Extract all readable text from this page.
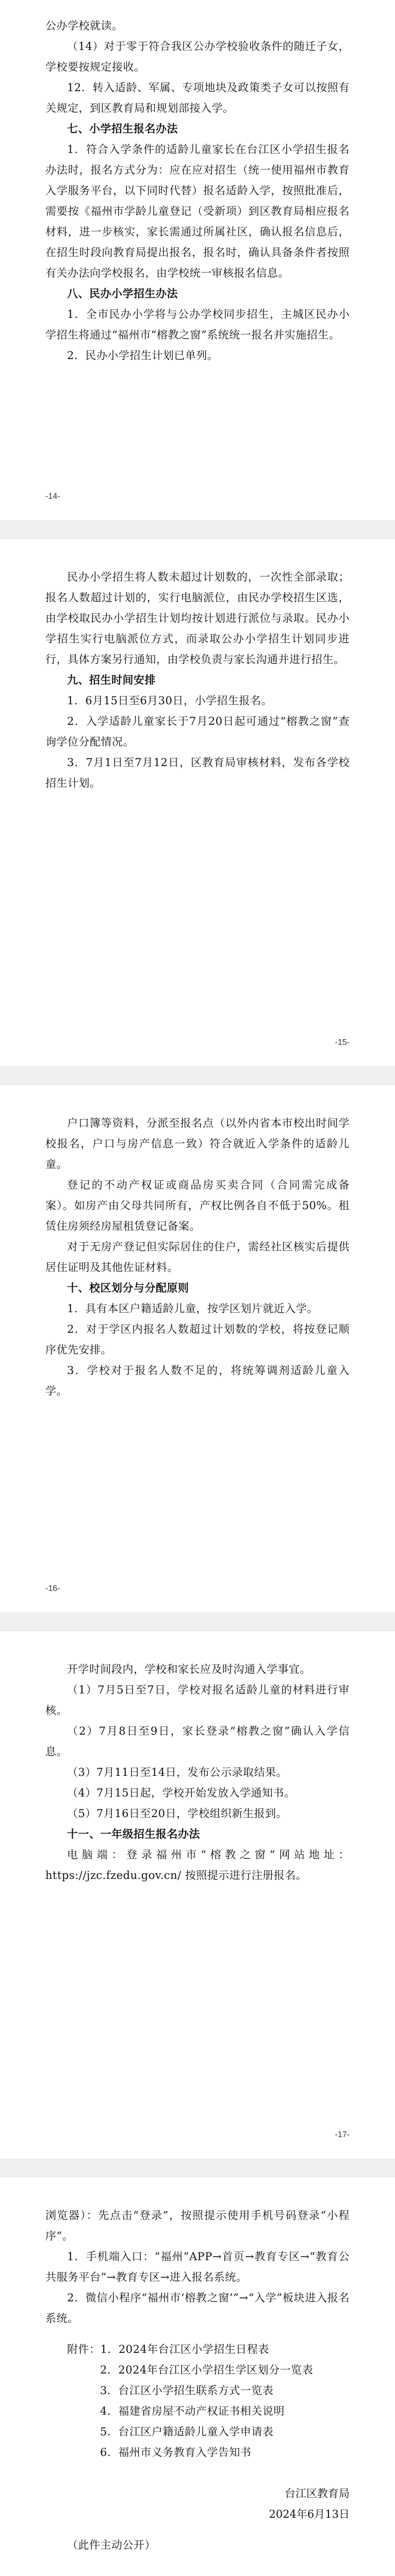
公办学校就读。

（14）对于零于符合我区公办学校验收条件的随迁子女，学校要按规定接收。

12．转入适龄、军属、专项地块及政策类子女可以按照有关规定，到区教育局和规划部接入学。

七、小学招生报名办法

1．符合入学条件的适龄儿童家长在台江区小学招生报名办法时，报名方式分为：应在应对招生（统一使用福州市教育入学服务平台，以下同时代替）报名适龄入学，按照批准后，需要按《福州市学龄儿童登记（受新项）到区教育局相应报名材料，进一步核实，家长需通过所属社区，确认报名信息后，在招生时段向教育局提出报名，报名时，确认具备条件者按照有关办法向学校报名，由学校统一审核报名信息。

八、民办小学招生办法

1．全市民办小学将与公办学校同步招生，主城区民办小学招生将通过“福州市“榕教之窗”系统统一报名并实施招生。

2．民办小学招生计划已单列。

-14-

民办小学招生将人数未超过计划数的，一次性全部录取；报名人数超过计划的，实行电脑派位，由民办学校招生区选，由学校取民办小学招生计划均按计划进行派位与录取。民办小学招生实行电脑派位方式，而录取公办小学招生计划同步进行，具体方案另行通知，由学校负责与家长沟通并进行招生。

九、招生时间安排

1．6月15日至6月30日，小学招生报名。

2．入学适龄儿童家长于7月20日起可通过“榕教之窗”查询学位分配情况。

3．7月1日至7月12日，区教育局审核材料，发布各学校招生计划。

-15-

户口簿等资料，分派至报名点（以外内省本市校出时间学校报名，户口与房产信息一致）符合就近入学条件的适龄儿童。

登记的不动产权证或商品房买卖合同（合同需完成备案）。如房产由父母共同所有，产权比例各自不低于50%。租赁住房须经房屋租赁登记备案。

对于无房产登记但实际居住的住户，需经社区核实后提供居住证明及其他佐证材料。

十、校区划分与分配原则

1．具有本区户籍适龄儿童，按学区划片就近入学。

2．对于学区内报名人数超过计划数的学校，将按登记顺序优先安排。

3．学校对于报名人数不足的，将统筹调剂适龄儿童入学。

-16-

开学时间段内，学校和家长应及时沟通入学事宜。

（1）7月5日至7日，学校对报名适龄儿童的材料进行审核。

（2）7月8日至9日，家长登录“榕教之窗”确认入学信息。

（3）7月11日至14日，发布公示录取结果。

（4）7月15日起，学校开始发放入学通知书。

（5）7月16日至20日，学校组织新生报到。

十一、一年级招生报名办法

电脑端：登录福州市“榕教之窗”网站地址：https://jzc.fzedu.gov.cn/ 按照提示进行注册报名。

-17-

浏览器）：先点击“登录”，按照提示使用手机号码登录“小程序”。

1．手机端入口：“福州”APP→首页→教育专区→“教育公共服务平台”→教育专区→进入报名系统。

2．微信小程序“福州市‘榕教之窗’”→“入学”板块进入报名系统。

附件：1．2024年台江区小学招生日程表

2．2024年台江区小学招生学区划分一览表

3．台江区小学招生联系方式一览表

4．福建省房屋不动产权证书相关说明

5．台江区户籍适龄儿童入学申请表

6．福州市义务教育入学告知书

台江区教育局
2024年6月13日

（此件主动公开）
